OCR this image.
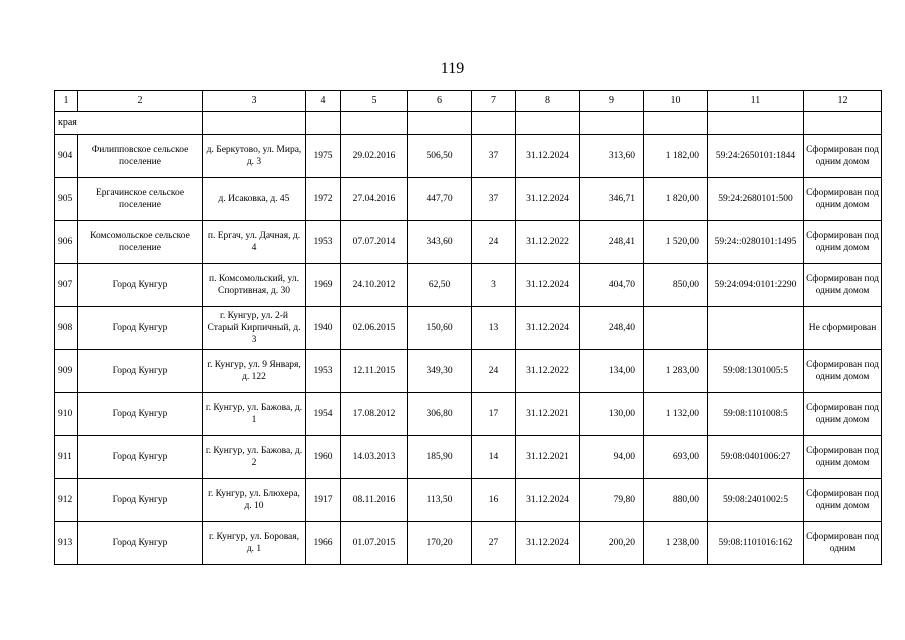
119
1	2	3	4	5	6	7	8	9	10	11	12
края											
904	Филипповское сельское поселение	д. Беркутово, ул. Мира, д. 3	1975	29.02.2016	506,50	37	31.12.2024	313,60	1 182,00	59:24:2650101:1844	Сформирован под одним домом
905	Ергачинское сельское поселение	д. Исаковка, д. 45	1972	27.04.2016	447,70	37	31.12.2024	346,71	1 820,00	59:24:2680101:500	Сформирован под одним домом
906	Комсомольское сельское поселение	п. Ергач, ул. Дачная, д. 4	1953	07.07.2014	343,60	24	31.12.2022	248,41	1 520,00	59:24::0280101:1495	Сформирован под одним домом
907	Город Кунгур	п. Комсомольский, ул. Спортивная, д. 30	1969	24.10.2012	62,50	3	31.12.2024	404,70	850,00	59:24:094:0101:2290	Сформирован под одним домом
908	Город Кунгур	г. Кунгур, ул. 2-й Старый Кирпичный, д. 3	1940	02.06.2015	150,60	13	31.12.2024	248,40			Не сформирован
909	Город Кунгур	г. Кунгур, ул. 9 Января, д. 122	1953	12.11.2015	349,30	24	31.12.2022	134,00	1 283,00	59:08:1301005:5	Сформирован под одним домом
910	Город Кунгур	г. Кунгур, ул. Бажова, д. 1	1954	17.08.2012	306,80	17	31.12.2021	130,00	1 132,00	59:08:1101008:5	Сформирован под одним домом
911	Город Кунгур	г. Кунгур, ул. Бажова, д. 2	1960	14.03.2013	185,90	14	31.12.2021	94,00	693,00	59:08:0401006:27	Сформирован под одним домом
912	Город Кунгур	г. Кунгур, ул. Блюхера, д. 10	1917	08.11.2016	113,50	16	31.12.2024	79,80	880,00	59:08:2401002:5	Сформирован под одним домом
913	Город Кунгур	г. Кунгур, ул. Боровая, д. 1	1966	01.07.2015	170,20	27	31.12.2024	200,20	1 238,00	59:08:1101016:162	Сформирован под одним
